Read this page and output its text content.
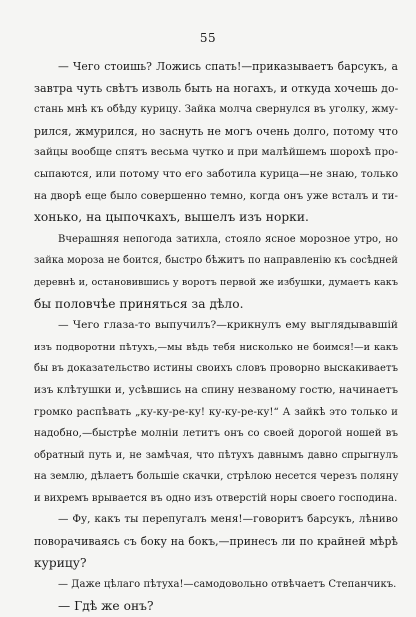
55
— Чего стоишь? Ложись спать!—приказываетъ барсукъ, а
завтра чуть свѣтъ изволь быть на ногахъ, и откуда хочешь до-
стань мнѣ къ обѣду курицу. Зайка молча свернулся въ уголку, жму-
рился, жмурился, но заснуть не могъ очень долго, потому что
зайцы вообще спятъ весьма чутко и при малѣйшемъ шорохѣ про-
сыпаются, или потому что его заботила курица—не знаю, только
на дворѣ еще было совершенно темно, когда онъ уже всталъ и ти-
хонько, на цыпочкахъ, вышелъ изъ норки.
Вчерашняя непогода затихла, стояло ясное морозное утро, но
зайка мороза не боится, быстро бѣжитъ по направленію къ сосѣдней
деревнѣ и, остановившись у воротъ первой же избушки, думаетъ какъ
бы половчѣе приняться за дѣло.
— Чего глаза-то выпучилъ?—крикнулъ ему выглядывавшій
изъ подворотни пѣтухъ,—мы вѣдь тебя нисколько не боимся!—и какъ
бы въ доказательство истины своихъ словъ проворно выскакиваетъ
изъ клѣтушки и, усѣвшись на спину незваному гостю, начинаетъ
громко распѣвать „ку-ку-ре-ку! ку-ку-ре-ку!“ А зайкѣ это только и
надобно,—быстрѣе молніи летитъ онъ со своей дорогой ношей въ
обратный путь и, не замѣчая, что пѣтухъ давнымъ давно спрыгнулъ
на землю, дѣлаетъ большіе скачки, стрѣлою несется черезъ поляну
и вихремъ врывается въ одно изъ отверстій норы своего господина.
— Фу, какъ ты перепугалъ меня!—говоритъ барсукъ, лѣниво
поворачиваясь съ боку на бокъ,—принесъ ли по крайней мѣрѣ
курицу?
— Даже цѣлаго пѣтуха!—самодовольно отвѣчаетъ Степанчикъ.
— Гдѣ же онъ?
